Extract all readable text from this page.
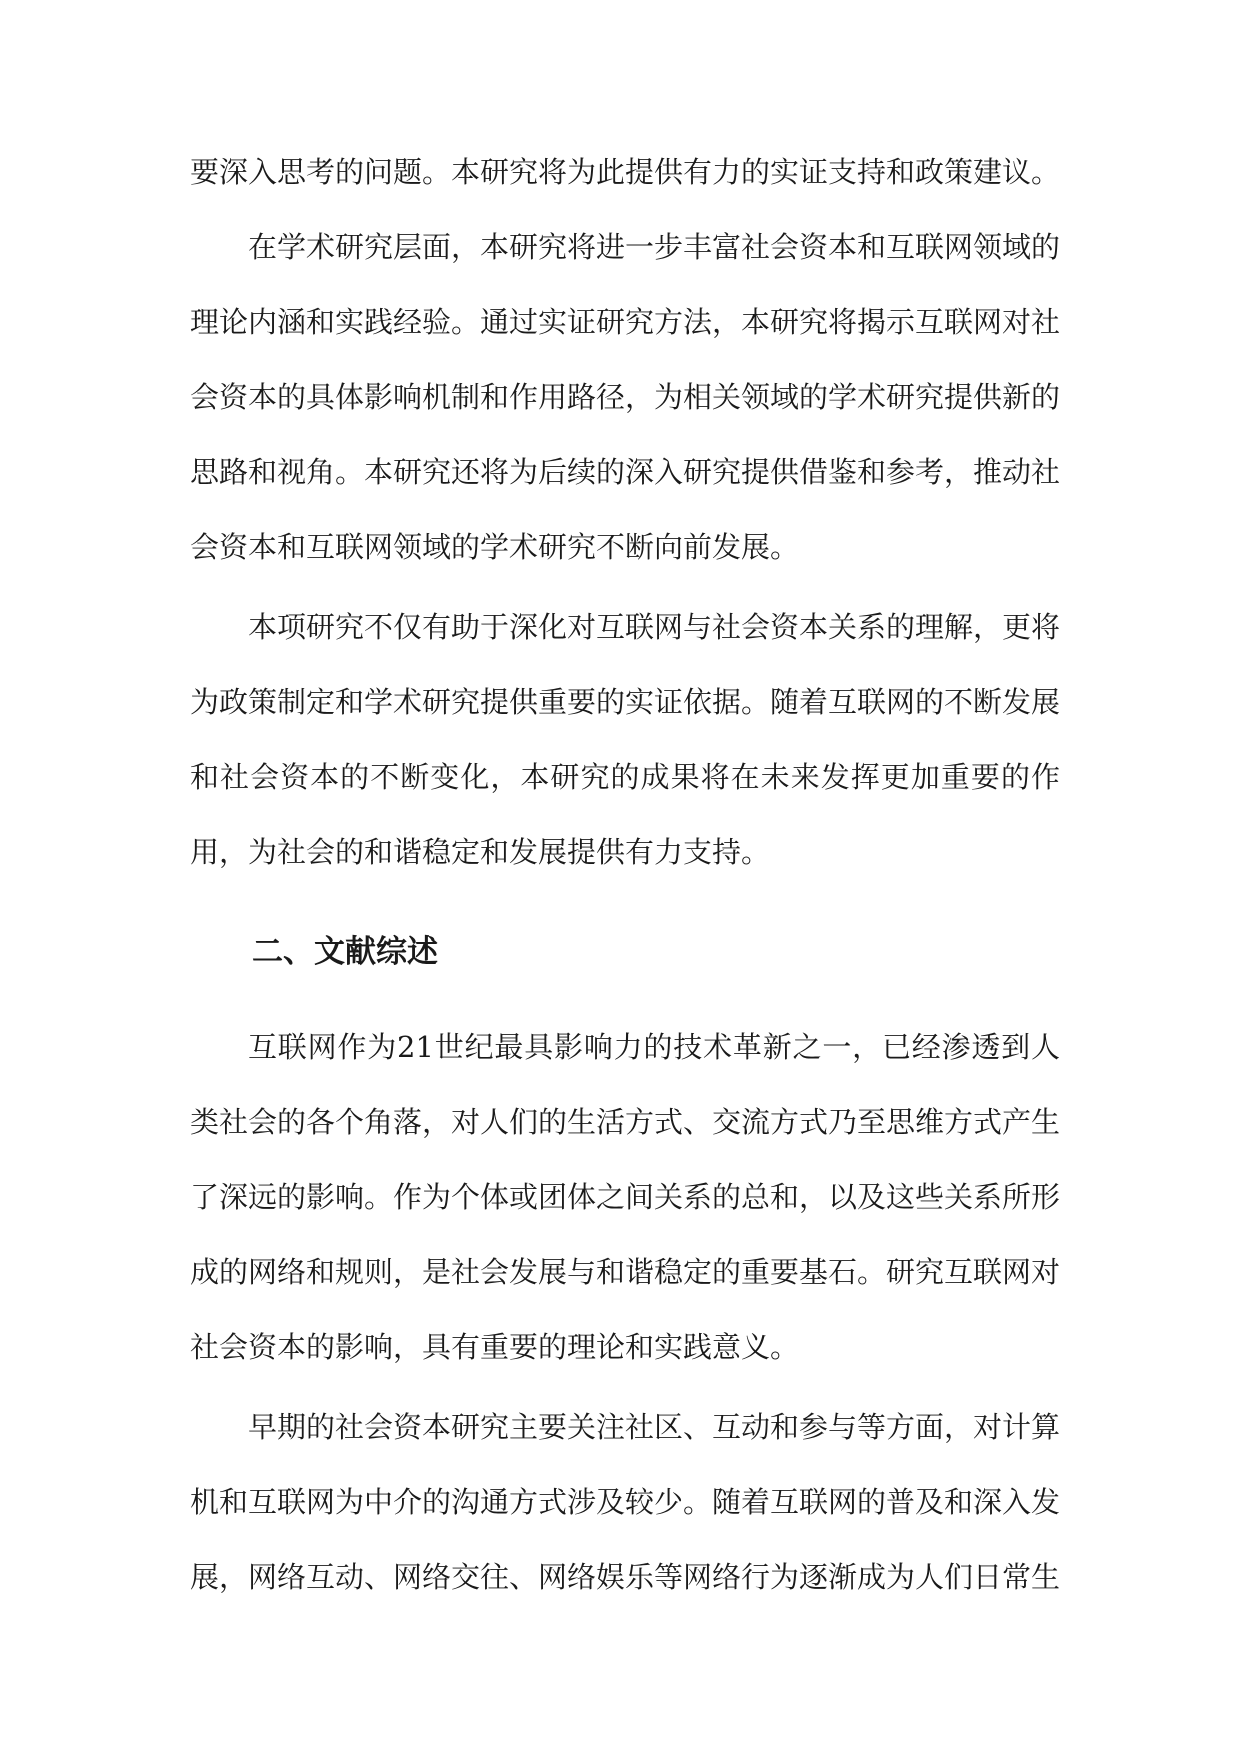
要深入思考的问题。本研究将为此提供有力的实证支持和政策建议。

在学术研究层面，本研究将进一步丰富社会资本和互联网领域的理论内涵和实践经验。通过实证研究方法，本研究将揭示互联网对社会资本的具体影响机制和作用路径，为相关领域的学术研究提供新的思路和视角。本研究还将为后续的深入研究提供借鉴和参考，推动社会资本和互联网领域的学术研究不断向前发展。

本项研究不仅有助于深化对互联网与社会资本关系的理解，更将为政策制定和学术研究提供重要的实证依据。随着互联网的不断发展和社会资本的不断变化，本研究的成果将在未来发挥更加重要的作用，为社会的和谐稳定和发展提供有力支持。

二、文献综述

互联网作为21世纪最具影响力的技术革新之一，已经渗透到人类社会的各个角落，对人们的生活方式、交流方式乃至思维方式产生了深远的影响。作为个体或团体之间关系的总和，以及这些关系所形成的网络和规则，是社会发展与和谐稳定的重要基石。研究互联网对社会资本的影响，具有重要的理论和实践意义。

早期的社会资本研究主要关注社区、互动和参与等方面，对计算机和互联网为中介的沟通方式涉及较少。随着互联网的普及和深入发展，网络互动、网络交往、网络娱乐等网络行为逐渐成为人们日常生
